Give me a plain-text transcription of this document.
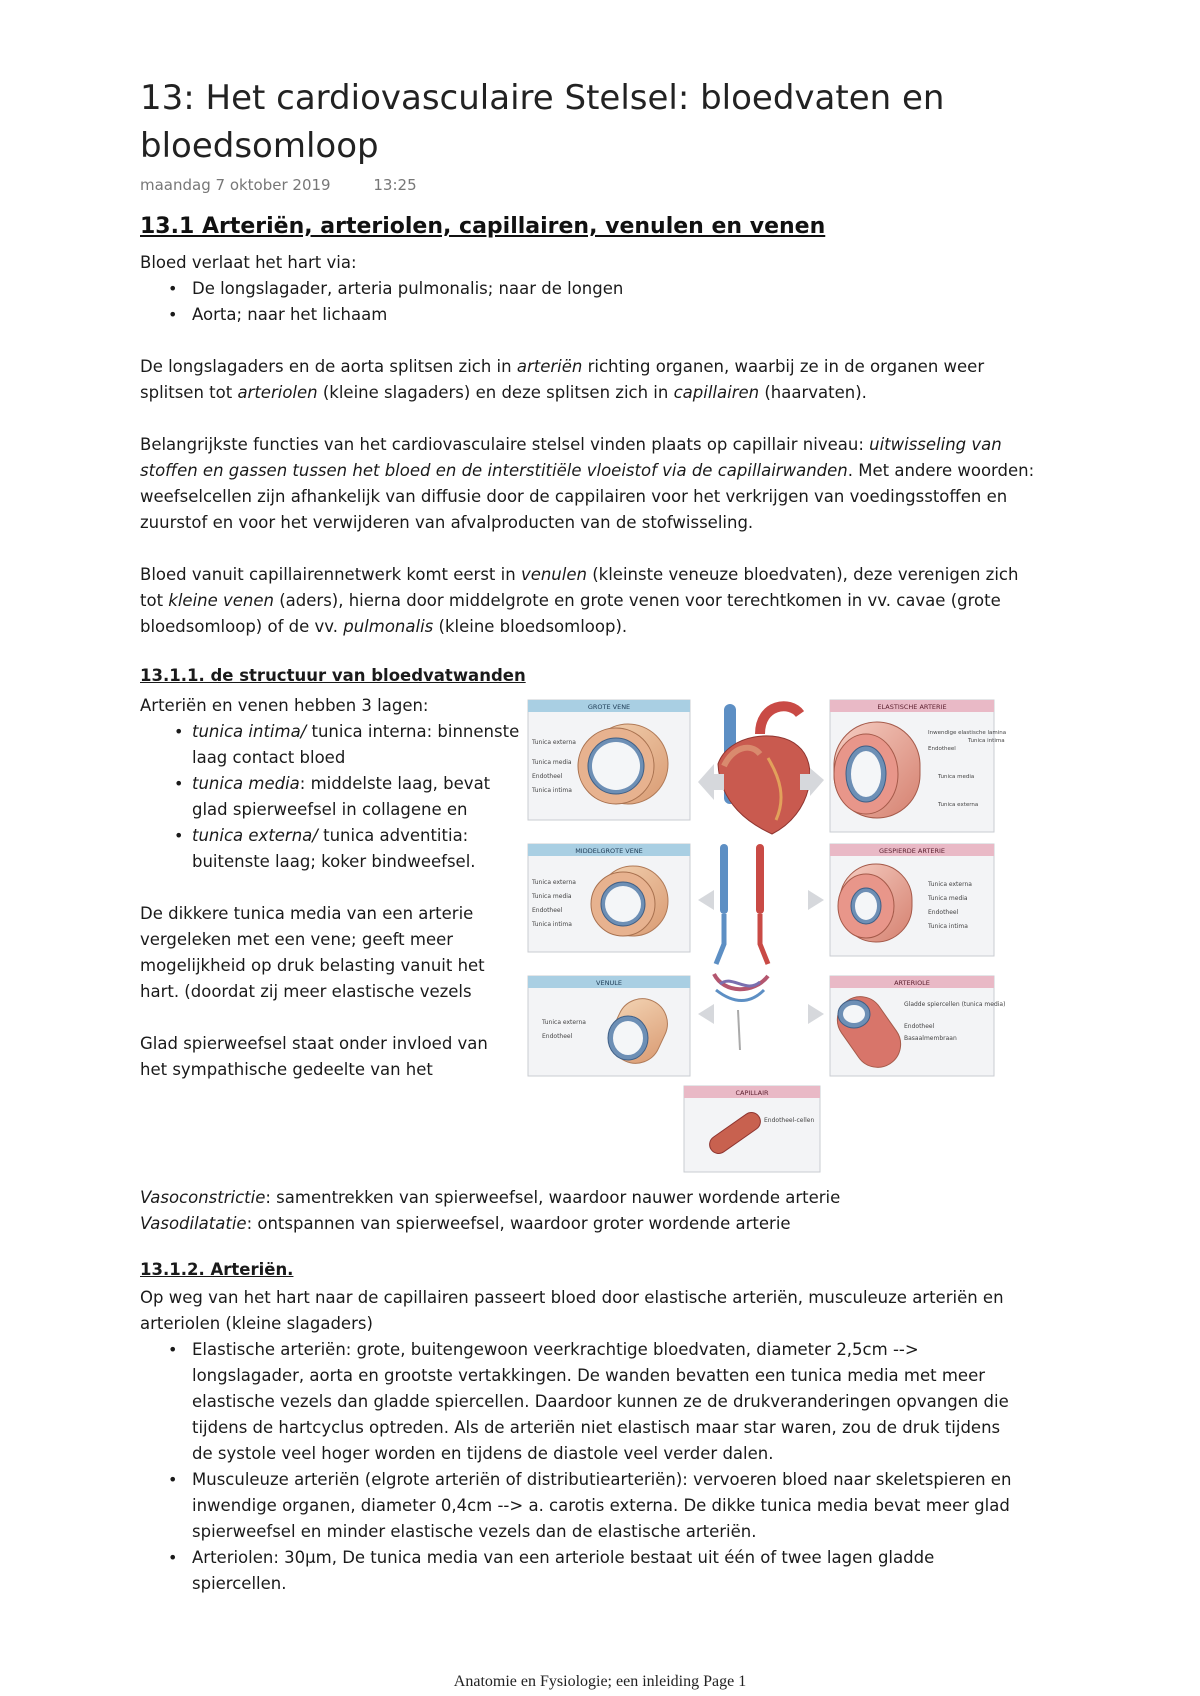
13: Het cardiovasculaire Stelsel: bloedvaten en bloedsomloop
maandag 7 oktober 2019	13:25
13.1 Arteriën, arteriolen, capillairen, venulen en venen

Bloed verlaat het hart via:

• De longslagader, arteria pulmonalis; naar de longen
• Aorta; naar het lichaam

De longslagaders en de aorta splitsen zich in arteriën richting organen, waarbij ze in de organen weer splitsen tot arteriolen (kleine slagaders) en deze splitsen zich in capillairen (haarvaten).

Belangrijkste functies van het cardiovasculaire stelsel vinden plaats op capillair niveau: uitwisseling van stoffen en gassen tussen het bloed en de interstitiële vloeistof via de capillairwanden. Met andere woorden: weefselcellen zijn afhankelijk van diffusie door de cappilairen voor het verkrijgen van voedingsstoffen en zuurstof en voor het verwijderen van afvalproducten van de stofwisseling.

Bloed vanuit capillairennetwerk komt eerst in venulen (kleinste veneuze bloedvaten), deze verenigen zich tot kleine venen (aders), hierna door middelgrote en grote venen voor terechtkomen in vv. cavae (grote bloedsomloop) of de vv. pulmonalis (kleine bloedsomloop).

13.1.1. de structuur van bloedvatwanden

Arteriën en venen hebben 3 lagen:

• tunica intima/ tunica interna: binnenste laag contact bloed
• tunica media: middelste laag, bevat glad spierweefsel in collagene en
• tunica externa/ tunica adventitia: buitenste laag; koker bindweefsel.

De dikkere tunica media van een arterie vergeleken met een vene; geeft meer mogelijkheid op druk belasting vanuit het hart. (doordat zij meer elastische vezels

Glad spierweefsel staat onder invloed van het sympathische gedeelte van het

GROTE VENE
Tunica externa
Tunica media
Endotheel
Tunica intima
MIDDELGROTE VENE
Tunica externa
Tunica media
Endotheel
Tunica intima
VENULE
Tunica externa
Endotheel
ELASTISCHE ARTERIE
Inwendige elastische lamina
Endotheel
Tunica intima
Tunica media
Tunica externa
GESPIERDE ARTERIE
Tunica externa
Tunica media
Endotheel
Tunica intima
ARTERIOLE
Gladde spiercellen (tunica media)
Endotheel
Basaalmembraan
CAPILLAIR
Endotheel-cellen

Vasoconstrictie: samentrekken van spierweefsel, waardoor nauwer wordende arterie

Vasodilatatie: ontspannen van spierweefsel, waardoor groter wordende arterie

13.1.2. Arteriën.

Op weg van het hart naar de capillairen passeert bloed door elastische arteriën, musculeuze arteriën en arteriolen (kleine slagaders)

• Elastische arteriën: grote, buitengewoon veerkrachtige bloedvaten, diameter 2,5cm --> longslagader, aorta en grootste vertakkingen. De wanden bevatten een tunica media met meer elastische vezels dan gladde spiercellen. Daardoor kunnen ze de drukveranderingen opvangen die tijdens de hartcyclus optreden. Als de arteriën niet elastisch maar star waren, zou de druk tijdens de systole veel hoger worden en tijdens de diastole veel verder dalen.
• Musculeuze arteriën (elgrote arteriën of distributiearteriën): vervoeren bloed naar skeletspieren en inwendige organen, diameter 0,4cm --> a. carotis externa. De dikke tunica media bevat meer glad spierweefsel en minder elastische vezels dan de elastische arteriën.
• Arteriolen: 30µm, De tunica media van een arteriole bestaat uit één of twee lagen gladde spiercellen.
Anatomie en Fysiologie; een inleiding Page 1
